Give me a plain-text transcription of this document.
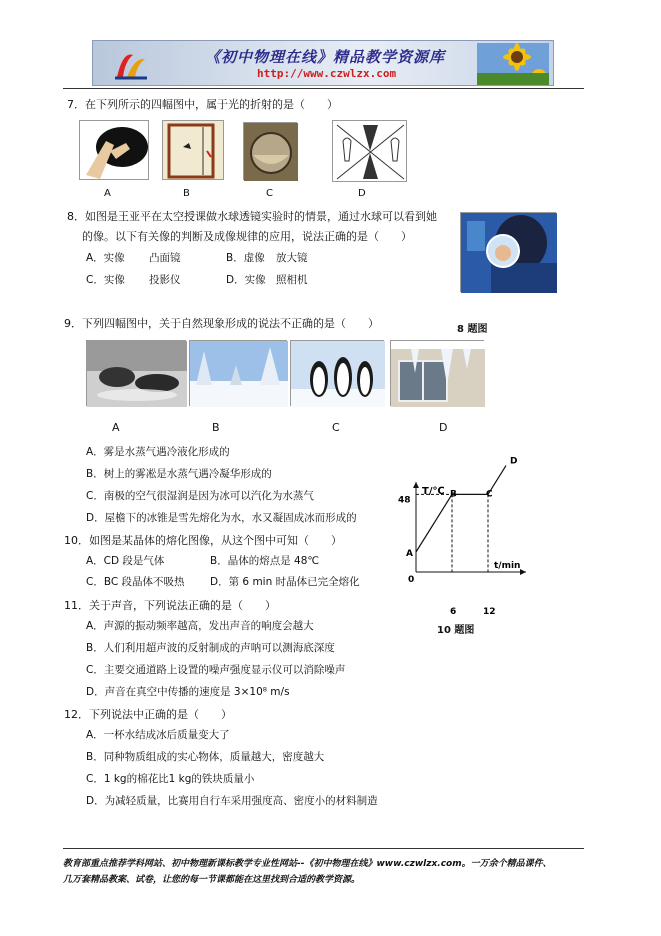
《初中物理在线》精品教学资源库
http://www.czwlzx.com
7．在下列所示的四幅图中，属于光的折射的是（　　）
A	B	C	D
8．如图是王亚平在太空授课做水球透镜实验时的情景，通过水球可以看到她
的像。以下有关像的判断及成像规律的应用，说法正确的是（　　）
A．实像 凸面镜	B．虚像 放大镜
C．实像 投影仪	D．实像 照相机
9．下列四幅图中，关于自然现象形成的说法不正确的是（　　）	8 题图
A	B	C	D
A．雾是水蒸气遇冷液化形成的
B．树上的雾凇是水蒸气遇冷凝华形成的
C．南极的空气很湿润是因为冰可以汽化为水蒸气
D．屋檐下的冰锥是雪先熔化为水，水又凝固成冰而形成的
10．如图是某晶体的熔化图像，从这个图中可知（　　）
A．CD 段是气体	B．晶体的熔点是 48℃
C．BC 段晶体不吸热 D．第 6 min 时晶体已完全熔化
T/℃
t/min
0
6	12
48
A
B	C
D
10 题图
11．关于声音，下列说法正确的是（　　）
A．声源的振动频率越高，发出声音的响度会越大
B．人们利用超声波的反射制成的声呐可以测海底深度
C．主要交通道路上设置的噪声强度显示仪可以消除噪声
D．声音在真空中传播的速度是 3×10⁸ m/s
12．下列说法中正确的是（　　）
A．一杯水结成冰后质量变大了
B．同种物质组成的实心物体，质量越大，密度越大
C．1 kg的棉花比1 kg的铁块质量小
D．为减轻质量，比赛用自行车采用强度高、密度小的材料制造
教育部重点推荐学科网站、初中物理新课标教学专业性网站--《初中物理在线》www.czwlzx.com。一万余个精品课件、
几万套精品教案、试卷，让您的每一节课都能在这里找到合适的教学资源。
